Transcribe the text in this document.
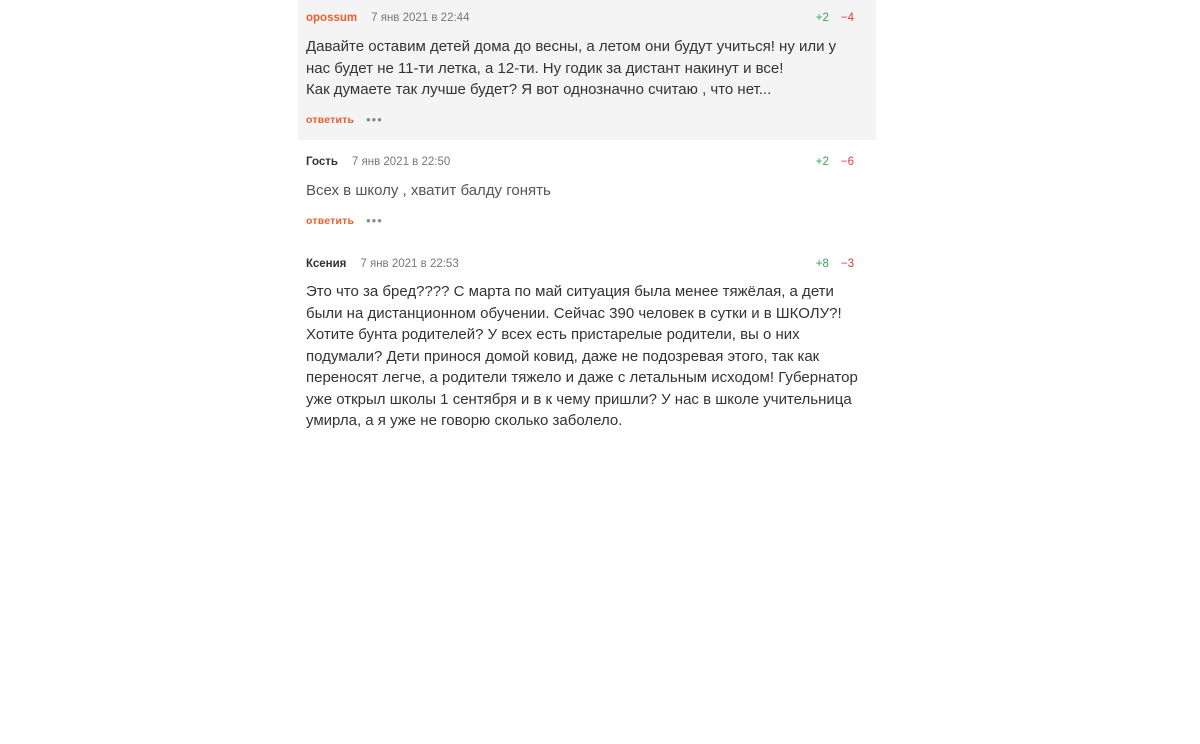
opossum 7 янв 2021 в 22:44	+2 −4
Давайте оставим детей дома до весны, а летом они будут учиться! ну или у нас будет не 11-ти летка, а 12-ти. Ну годик за дистант накинут и все!
Как думаете так лучше будет? Я вот однозначно считаю , что нет...
ответить •••
Гость 7 янв 2021 в 22:50	+2 −6
Всех в школу , хватит балду гонять
ответить •••
Ксения 7 янв 2021 в 22:53	+8 −3
Это что за бред???? С марта по май ситуация была менее тяжёлая, а дети были на дистанционном обучении. Сейчас 390 человек в сутки и в ШКОЛУ?! Хотите бунта родителей? У всех есть пристарелые родители, вы о них подумали? Дети принося домой ковид, даже не подозревая этого, так как переносят легче, а родители тяжело и даже с летальным исходом! Губернатор уже открыл школы 1 сентября и в к чему пришли? У нас в школе учительница умирла, а я уже не говорю сколько заболело.
